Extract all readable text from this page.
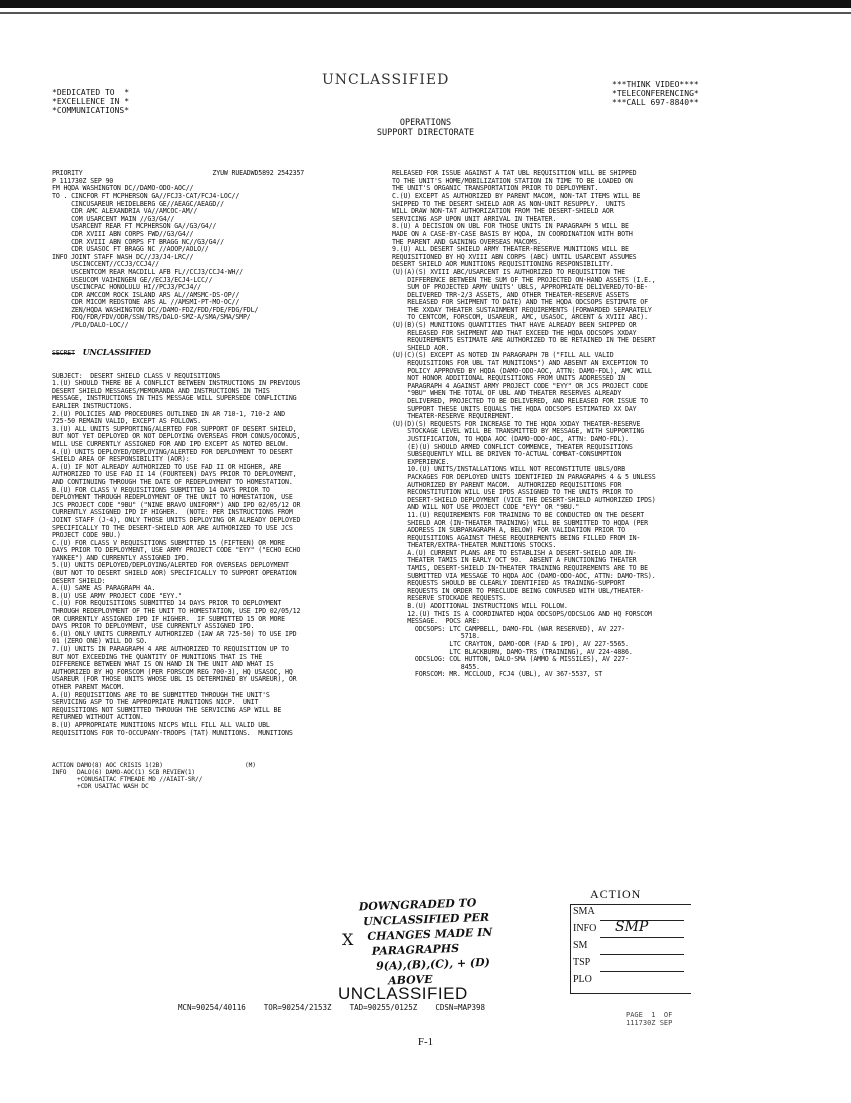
UNCLASSIFIED
*DEDICATED TO  *
*EXCELLENCE IN *
*COMMUNICATIONS*
***THINK VIDEO****
*TELECONFERENCING*
***CALL 697-8840**
OPERATIONS
SUPPORT DIRECTORATE

PRIORITY                                  ZYUW RUEADWD5892 2542357
P 111730Z SEP 90
FM HQDA WASHINGTON DC//DAMO-ODO-AOC//
TO . CINCFOR FT MCPHERSON GA//FCJ3-CAT/FCJ4-LOC//
CINCUSAREUR HEIDELBERG GE//AEAGC/AEAGD//
CDR AMC ALEXANDRIA VA//AMCOC-AM//
COM USARCENT MAIN //G3/G4//
USARCENT REAR FT MCPHERSON GA//G3/G4//
CDR XVIII ABN CORPS FWD//G3/G4//
CDR XVIII ABN CORPS FT BRAGG NC//G3/G4//
CDR USASOC FT BRAGG NC //AOOP/AOLO//
INFO JOINT STAFF WASH DC//J3/J4-LRC//
USCINCCENT//CCJ3/CCJ4//
USCENTCOM REAR MACDILL AFB FL//CCJ3/CCJ4-WH//
USEUCOM VAIHINGEN GE//ECJ3/ECJ4-LCC//
USCINCPAC HONOLULU HI//PCJ3/PCJ4//
CDR AMCCOM ROCK ISLAND ARS AL//AMSMC-DS-OP//
CDR MICOM REDSTONE ARS AL //AMSMI-PT-MO-OC//
ZEN/HQDA WASHINGTON DC//DAMO-FDZ/FDD/FDE/FDG/FDL/
FDQ/FDR/FDV/ODR/SSW/TRS/DALO-SMZ-A/SMA/SMA/SMP/
/PLO/DALO-LOC//

SECRET UNCLASSIFIED

SUBJECT:  DESERT SHIELD CLASS V REQUISITIONS
1.(U) SHOULD THERE BE A CONFLICT BETWEEN INSTRUCTIONS IN PREVIOUS
DESERT SHIELD MESSAGES/MEMORANDA AND INSTRUCTIONS IN THIS
MESSAGE, INSTRUCTIONS IN THIS MESSAGE WILL SUPERSEDE CONFLICTING
EARLIER INSTRUCTIONS.
2.(U) POLICIES AND PROCEDURES OUTLINED IN AR 710-1, 710-2 AND
725-50 REMAIN VALID, EXCEPT AS FOLLOWS.
3.(U) ALL UNITS SUPPORTING/ALERTED FOR SUPPORT OF DESERT SHIELD,
BUT NOT YET DEPLOYED OR NOT DEPLOYING OVERSEAS FROM CONUS/OCONUS,
WILL USE CURRENTLY ASSIGNED FOR AND IPD EXCEPT AS NOTED BELOW.
4.(U) UNITS DEPLOYED/DEPLOYING/ALERTED FOR DEPLOYMENT TO DESERT
SHIELD AREA OF RESPONSIBILITY (AOR):
A.(U) IF NOT ALREADY AUTHORIZED TO USE FAD II OR HIGHER, ARE
AUTHORIZED TO USE FAD II 14 (FOURTEEN) DAYS PRIOR TO DEPLOYMENT,
AND CONTINUING THROUGH THE DATE OF REDEPLOYMENT TO HOMESTATION.
B.(U) FOR CLASS V REQUISITIONS SUBMITTED 14 DAYS PRIOR TO
DEPLOYMENT THROUGH REDEPLOYMENT OF THE UNIT TO HOMESTATION, USE
JCS PROJECT CODE "9BU" ("NINE BRAVO UNIFORM") AND IPD 02/05/12 OR
CURRENTLY ASSIGNED IPD IF HIGHER.  (NOTE: PER INSTRUCTIONS FROM
JOINT STAFF (J-4), ONLY THOSE UNITS DEPLOYING OR ALREADY DEPLOYED
SPECIFICALLY TO THE DESERT-SHIELD AOR ARE AUTHORIZED TO USE JCS
PROJECT CODE 9BU.)
C.(U) FOR CLASS V REQUISITIONS SUBMITTED 15 (FIFTEEN) OR MORE
DAYS PRIOR TO DEPLOYMENT, USE ARMY PROJECT CODE "EYY" ("ECHO ECHO
YANKEE") AND CURRENTLY ASSIGNED IPD.
5.(U) UNITS DEPLOYED/DEPLOYING/ALERTED FOR OVERSEAS DEPLOYMENT
(BUT NOT TO DESERT SHIELD AOR) SPECIFICALLY TO SUPPORT OPERATION
DESERT SHIELD:
A.(U) SAME AS PARAGRAPH 4A.
B.(U) USE ARMY PROJECT CODE "EYY."
C.(U) FOR REQUISITIONS SUBMITTED 14 DAYS PRIOR TO DEPLOYMENT
THROUGH REDEPLOYMENT OF THE UNIT TO HOMESTATION, USE IPD 02/05/12
OR CURRENTLY ASSIGNED IPD IF HIGHER.  IF SUBMITTED 15 OR MORE
DAYS PRIOR TO DEPLOYMENT, USE CURRENTLY ASSIGNED IPD.
6.(U) ONLY UNITS CURRENTLY AUTHORIZED (IAW AR 725-50) TO USE IPD
01 (ZERO ONE) WILL DO SO.
7.(U) UNITS IN PARAGRAPH 4 ARE AUTHORIZED TO REQUISITION UP TO
BUT NOT EXCEEDING THE QUANTITY OF MUNITIONS THAT IS THE
DIFFERENCE BETWEEN WHAT IS ON HAND IN THE UNIT AND WHAT IS
AUTHORIZED BY HQ FORSCOM (PER FORSCOM REG 700-3), HQ USASOC, HQ
USAREUR (FOR THOSE UNITS WHOSE UBL IS DETERMINED BY USAREUR), OR
OTHER PARENT MACOM.
A.(U) REQUISITIONS ARE TO BE SUBMITTED THROUGH THE UNIT'S
SERVICING ASP TO THE APPROPRIATE MUNITIONS NICP.  UNIT
REQUISITIONS NOT SUBMITTED THROUGH THE SERVICING ASP WILL BE
RETURNED WITHOUT ACTION.
B.(U) APPROPRIATE MUNITIONS NICPS WILL FILL ALL VALID UBL
REQUISITIONS FOR TO-OCCUPANY-TROOPS (TAT) MUNITIONS.  MUNITIONS

ACTION DAMO(8) AOC CRISIS 1(2B)                       (M)
INFO   DALO(6) DAMO-AOC(1) SCB REVIEW(1)
+CONUSAITAC FTMEADE MD //AIAIT-SR//
+CDR USAITAC WASH DC

RELEASED FOR ISSUE AGAINST A TAT UBL REQUISITION WILL BE SHIPPED
TO THE UNIT'S HOME/MOBILIZATION STATION IN TIME TO BE LOADED ON
THE UNIT'S ORGANIC TRANSPORTATION PRIOR TO DEPLOYMENT.
C.(U) EXCEPT AS AUTHORIZED BY PARENT MACOM, NON-TAT ITEMS WILL BE
SHIPPED TO THE DESERT SHIELD AOR AS NON-UNIT RESUPPLY.  UNITS
WILL DRAW NON-TAT AUTHORIZATION FROM THE DESERT-SHIELD AOR
SERVICING ASP UPON UNIT ARRIVAL IN THEATER.
8.(U) A DECISION ON UBL FOR THOSE UNITS IN PARAGRAPH 5 WILL BE
MADE ON A CASE-BY-CASE BASIS BY HQDA, IN COORDINATION WITH BOTH
THE PARENT AND GAINING OVERSEAS MACOMS.
9.(U) ALL DESERT SHIELD ARMY THEATER-RESERVE MUNITIONS WILL BE
REQUISITIONED BY HQ XVIII ABN CORPS (ABC) UNTIL USARCENT ASSUMES
DESERT SHIELD AOR MUNITIONS REQUISITIONING RESPONSIBILITY.
(U)(A)(S) XVIII ABC/USARCENT IS AUTHORIZED TO REQUISITION THE
DIFFERENCE BETWEEN THE SUM OF THE PROJECTED ON-HAND ASSETS (I.E.,
SUM OF PROJECTED ARMY UNITS' UBLS, APPROPRIATE DELIVERED/TO-BE-
DELIVERED TRR-2/3 ASSETS, AND OTHER THEATER-RESERVE ASSETS
RELEASED FOR SHIPMENT TO DATE) AND THE HQDA ODCSOPS ESTIMATE OF
THE XXDAY THEATER SUSTAINMENT REQUIREMENTS (FORWARDED SEPARATELY
TO CENTCOM, FORSCOM, USAREUR, AMC, USASOC, ARCENT & XVIII ABC).
(U)(B)(S) MUNITIONS QUANTITIES THAT HAVE ALREADY BEEN SHIPPED OR
RELEASED FOR SHIPMENT AND THAT EXCEED THE HQDA ODCSOPS XXDAY
REQUIREMENTS ESTIMATE ARE AUTHORIZED TO BE RETAINED IN THE DESERT
SHIELD AOR.
(U)(C)(S) EXCEPT AS NOTED IN PARAGRAPH 7B ("FILL ALL VALID
REQUISITIONS FOR UBL TAT MUNITIONS") AND ABSENT AN EXCEPTION TO
POLICY APPROVED BY HQDA (DAMO-ODO-AOC, ATTN: DAMO-FDL), AMC WILL
NOT HONOR ADDITIONAL REQUISITIONS FROM UNITS ADDRESSED IN
PARAGRAPH 4 AGAINST ARMY PROJECT CODE "EYY" OR JCS PROJECT CODE
"9BU" WHEN THE TOTAL OF UBL AND THEATER RESERVES ALREADY
DELIVERED, PROJECTED TO BE DELIVERED, AND RELEASED FOR ISSUE TO
SUPPORT THESE UNITS EQUALS THE HQDA ODCSOPS ESTIMATED XX DAY
THEATER-RESERVE REQUIREMENT.
(U)(D)(S) REQUESTS FOR INCREASE TO THE HQDA XXDAY THEATER-RESERVE
STOCKAGE LEVEL WILL BE TRANSMITTED BY MESSAGE, WITH SUPPORTING
JUSTIFICATION, TO HQDA AOC (DAMO-ODO-AOC, ATTN: DAMO-FDL).
(E)(U) SHOULD ARMED CONFLICT COMMENCE, THEATER REQUISITIONS
SUBSEQUENTLY WILL BE DRIVEN TO-ACTUAL COMBAT-CONSUMPTION
EXPERIENCE.
10.(U) UNITS/INSTALLATIONS WILL NOT RECONSTITUTE UBLS/ORB
PACKAGES FOR DEPLOYED UNITS IDENTIFIED IN PARAGRAPHS 4 & 5 UNLESS
AUTHORIZED BY PARENT MACOM.  AUTHORIZED REQUISITIONS FOR
RECONSTITUTION WILL USE IPDS ASSIGNED TO THE UNITS PRIOR TO
DESERT-SHIELD DEPLOYMENT (VICE THE DESERT-SHIELD AUTHORIZED IPDS)
AND WILL NOT USE PROJECT CODE "EYY" OR "9BU."
11.(U) REQUIREMENTS FOR TRAINING TO BE CONDUCTED ON THE DESERT
SHIELD AOR (IN-THEATER TRAINING) WILL BE SUBMITTED TO HQDA (PER
ADDRESS IN SUBPARAGRAPH A, BELOW) FOR VALIDATION PRIOR TO
REQUISITIONS AGAINST THESE REQUIREMENTS BEING FILLED FROM IN-
THEATER/EXTRA-THEATER MUNITIONS STOCKS.
A.(U) CURRENT PLANS ARE TO ESTABLISH A DESERT-SHIELD AOR IN-
THEATER TAMIS IN EARLY OCT 90.  ABSENT A FUNCTIONING THEATER
TAMIS, DESERT-SHIELD IN-THEATER TRAINING REQUIREMENTS ARE TO BE
SUBMITTED VIA MESSAGE TO HQDA AOC (DAMO-ODO-AOC, ATTN: DAMO-TRS).
REQUESTS SHOULD BE CLEARLY IDENTIFIED AS TRAINING-SUPPORT
REQUESTS IN ORDER TO PRECLUDE BEING CONFUSED WITH UBL/THEATER-
RESERVE STOCKADE REQUESTS.
B.(U) ADDITIONAL INSTRUCTIONS WILL FOLLOW.
12.(U) THIS IS A COORDINATED HQDA ODCSOPS/ODCSLOG AND HQ FORSCOM
MESSAGE.  POCS ARE:
ODCSOPS: LTC CAMPBELL, DAMO-FDL (WAR RESERVED), AV 227-
5718.
LTC CRAYTON, DAMO-ODR (FAD & IPD), AV 227-5565.
LTC BLACKBURN, DAMO-TRS (TRAINING), AV 224-4886.
ODCSLOG: COL HUTTON, DALO-SMA (AMMO & MISSILES), AV 227-
8455.
FORSCOM: MR. MCCLOUD, FCJ4 (UBL), AV 367-5537, ST

ACTION
X
DOWNGRADED TO
UNCLASSIFIED PER
CHANGES MADE IN
PARAGRAPHS
9(A),(B),(C), + (D)
ABOVE
SMA
INFO
SM
TSP
PLO
SMP
UNCLASSIFIED
MCN=90254/40116    TOR=90254/2153Z    TAD=90255/0125Z    CDSN=MAP398
PAGE  1  OF
111730Z SEP
F-1
